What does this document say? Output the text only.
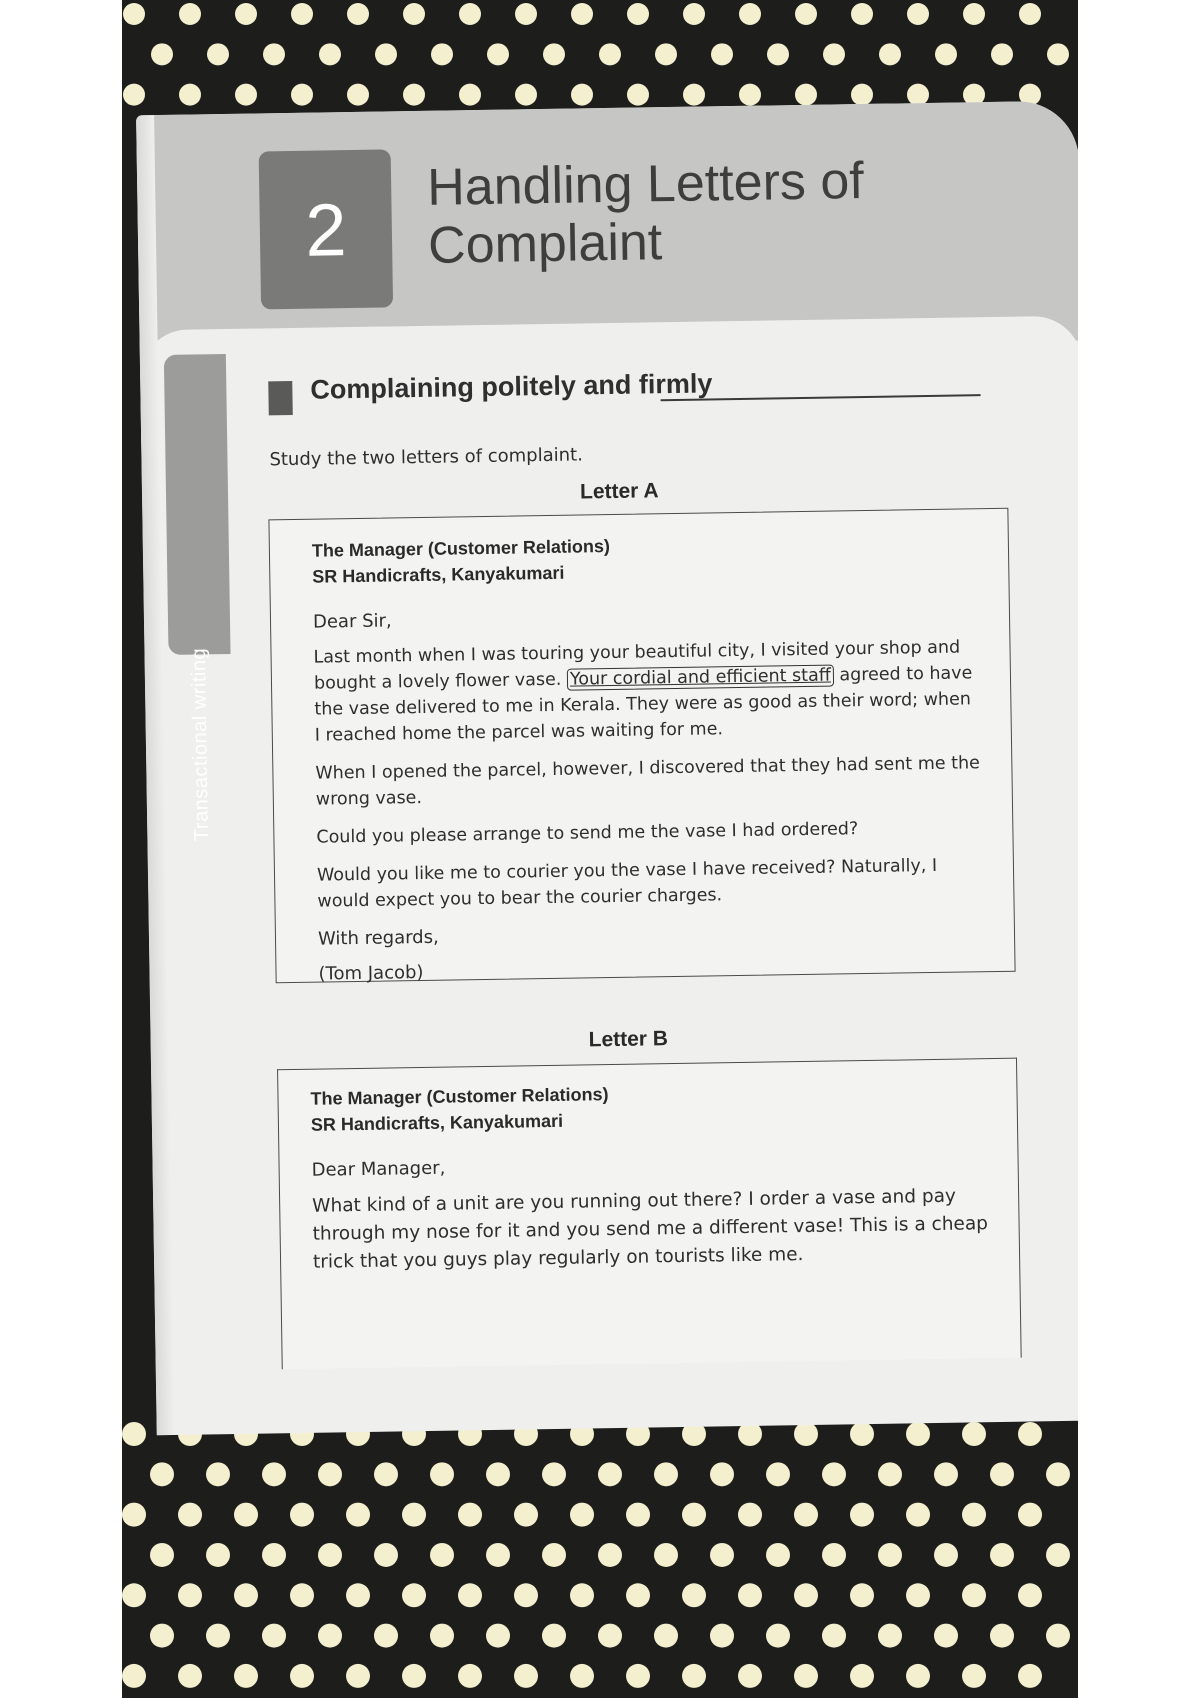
2
Handling Letters of
Complaint
Transactional writing
Complaining politely and firmly
Study the two letters of complaint.
Letter A
The Manager (Customer Relations)
SR Handicrafts, Kanyakumari
Dear Sir,
Last month when I was touring your beautiful city, I visited your shop and bought a lovely flower vase. Your cordial and efficient staff agreed to have the vase delivered to me in Kerala. They were as good as their word; when I reached home the parcel was waiting for me.
When I opened the parcel, however, I discovered that they had sent me the wrong vase.
Could you please arrange to send me the vase I had ordered?
Would you like me to courier you the vase I have received? Naturally, I would expect you to bear the courier charges.
With regards,
(Tom Jacob)
Letter B
The Manager (Customer Relations)
SR Handicrafts, Kanyakumari
Dear Manager,
What kind of a unit are you running out there? I order a vase and pay through my nose for it and you send me a different vase! This is a cheap trick that you guys play regularly on tourists like me.
